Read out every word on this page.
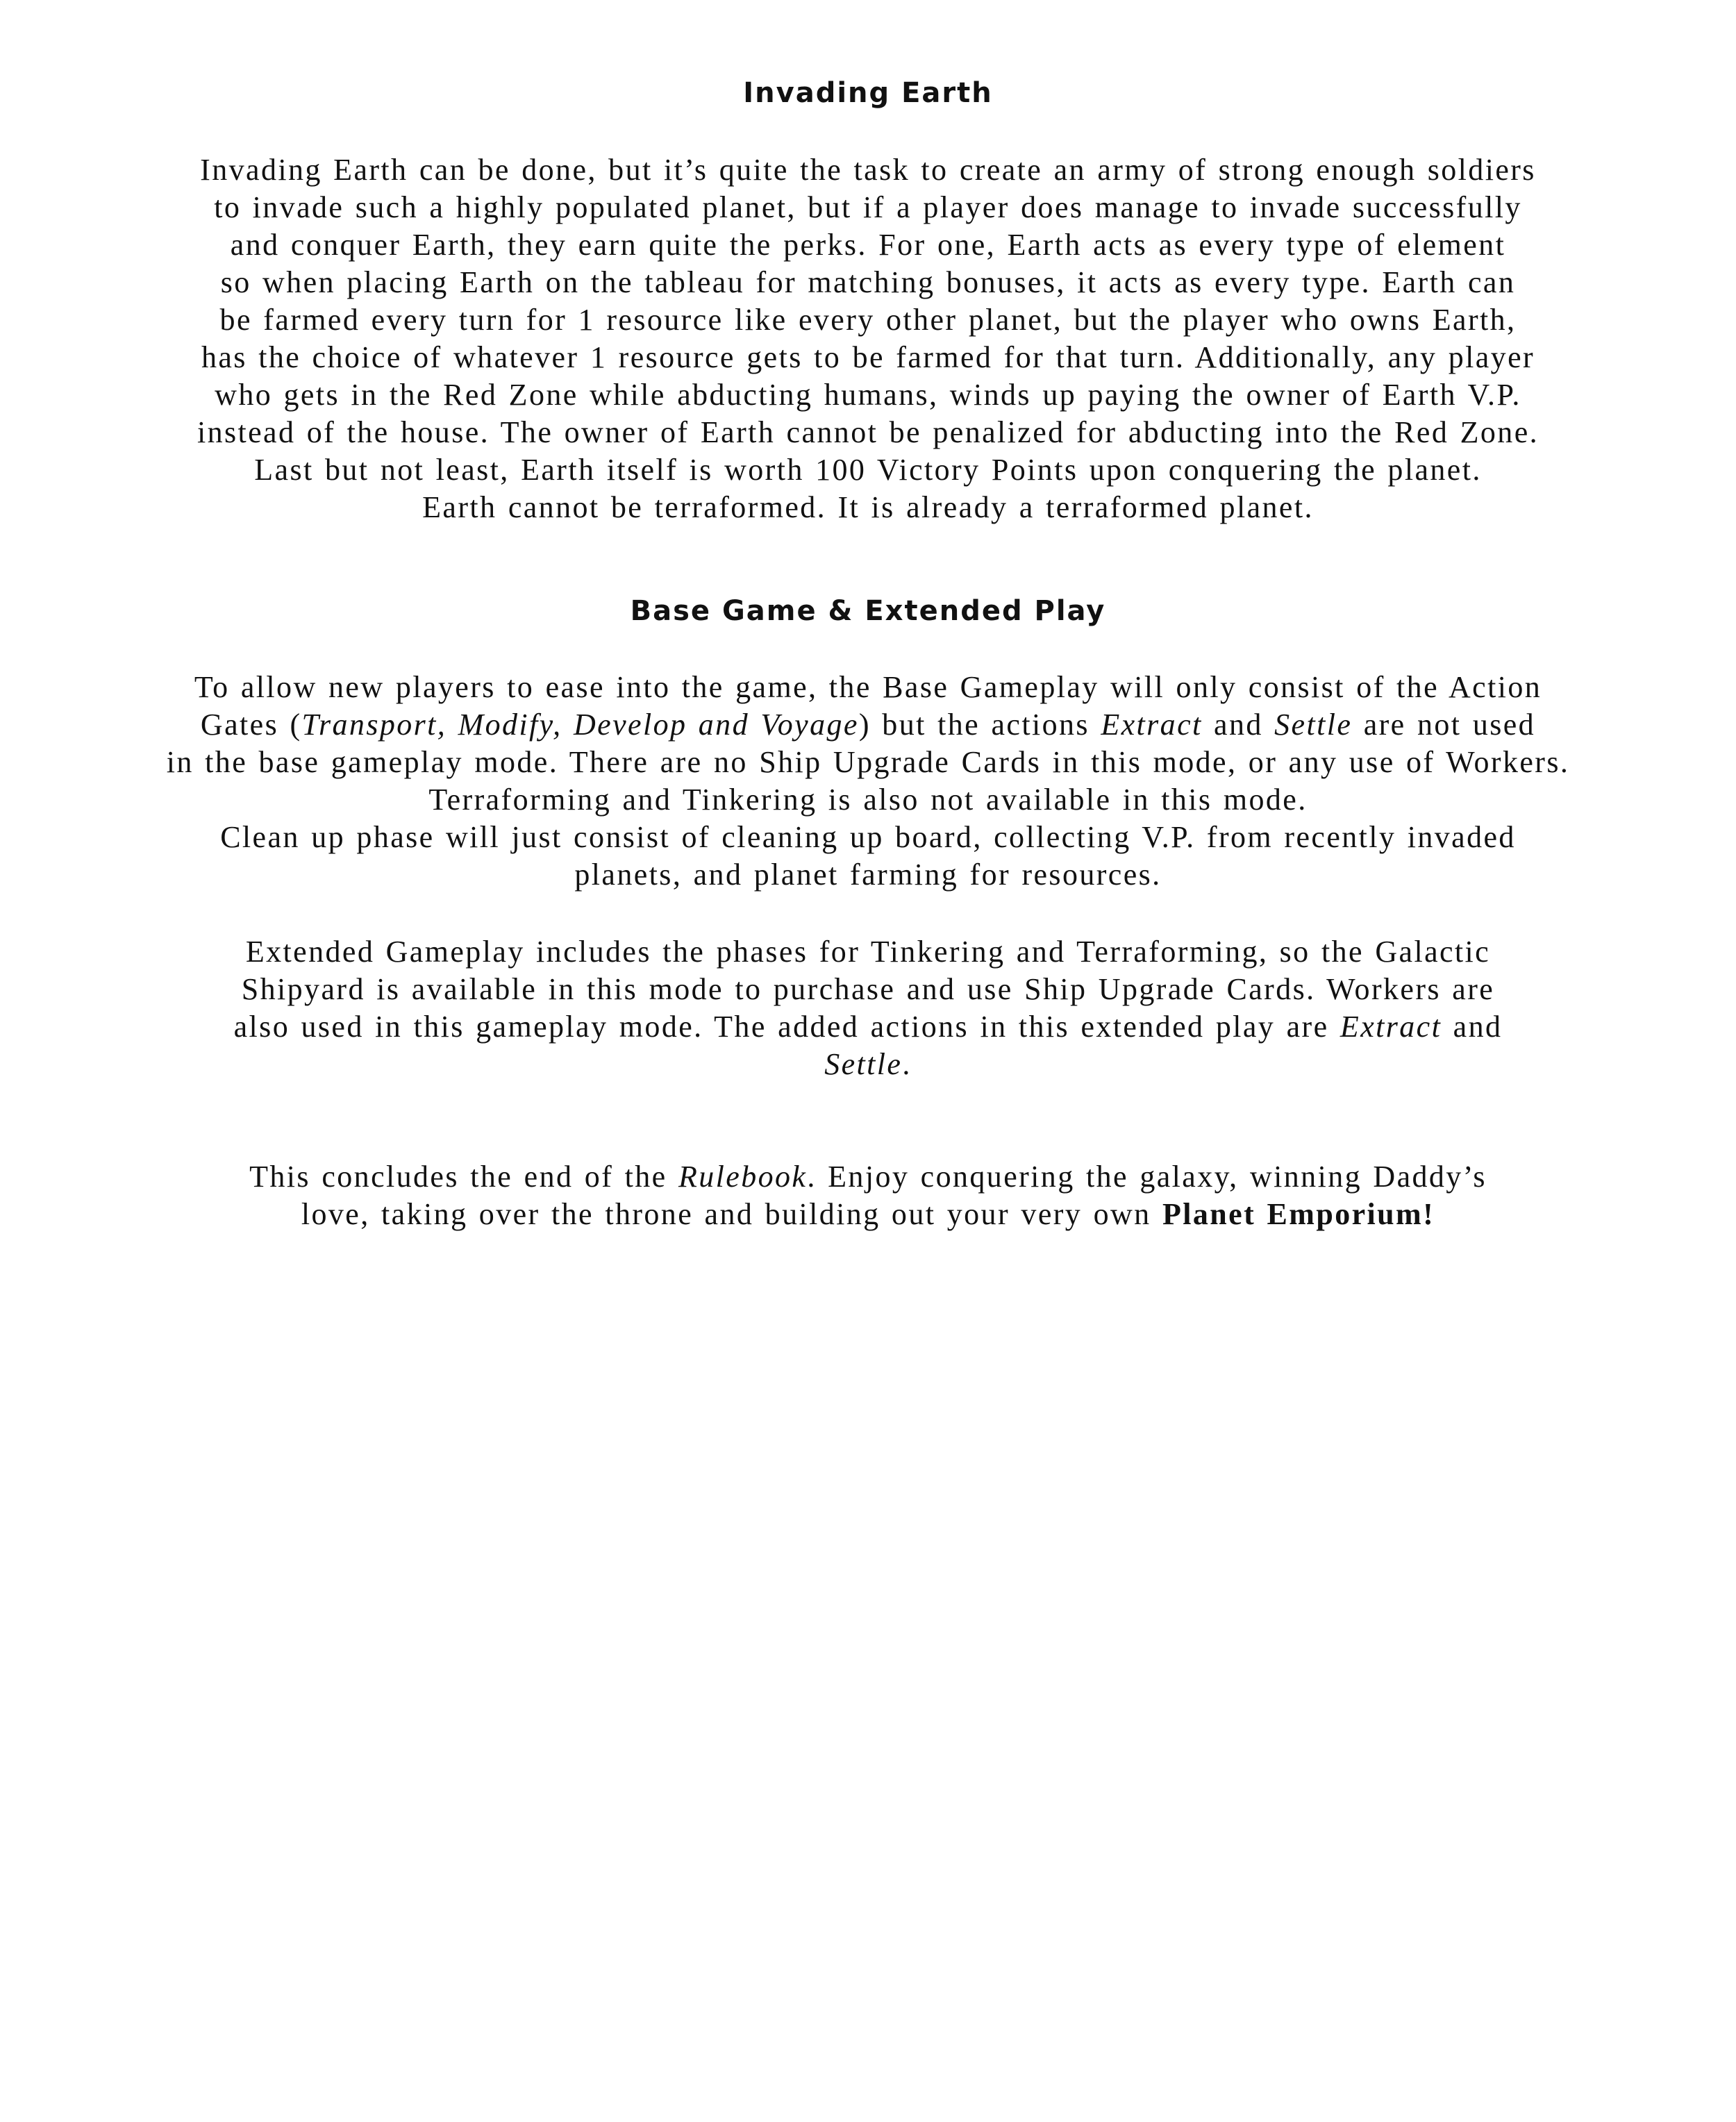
Invading Earth

Invading Earth can be done, but it’s quite the task to create an army of strong enough soldiers
to invade such a highly populated planet, but if a player does manage to invade successfully
and conquer Earth, they earn quite the perks. For one, Earth acts as every type of element
so when placing Earth on the tableau for matching bonuses, it acts as every type. Earth can
be farmed every turn for 1 resource like every other planet, but the player who owns Earth,
has the choice of whatever 1 resource gets to be farmed for that turn. Additionally, any player
who gets in the Red Zone while abducting humans, winds up paying the owner of Earth V.P.
instead of the house. The owner of Earth cannot be penalized for abducting into the Red Zone.
Last but not least, Earth itself is worth 100 Victory Points upon conquering the planet.
Earth cannot be terraformed. It is already a terraformed planet.

Base Game & Extended Play

To allow new players to ease into the game, the Base Gameplay will only consist of the Action
Gates (Transport, Modify, Develop and Voyage) but the actions Extract and Settle are not used
in the base gameplay mode. There are no Ship Upgrade Cards in this mode, or any use of Workers.
Terraforming and Tinkering is also not available in this mode.
Clean up phase will just consist of cleaning up board, collecting V.P. from recently invaded
planets, and planet farming for resources.

Extended Gameplay includes the phases for Tinkering and Terraforming, so the Galactic
Shipyard is available in this mode to purchase and use Ship Upgrade Cards. Workers are
also used in this gameplay mode. The added actions in this extended play are Extract and
Settle.

This concludes the end of the Rulebook. Enjoy conquering the galaxy, winning Daddy’s
love, taking over the throne and building out your very own Planet Emporium!
